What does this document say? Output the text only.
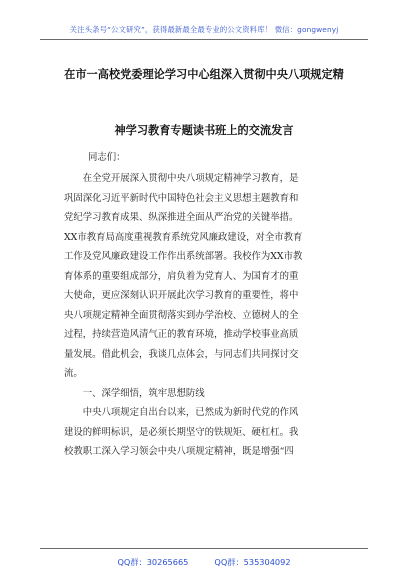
关注头条号“公文研究”，获得最新最全最专业的公文资料库！ 微信：gongwenyj
在市一高校党委理论学习中心组深入贯彻中央八项规定精
神学习教育专题读书班上的交流发言
同志们：
　　在全党开展深入贯彻中央八项规定精神学习教育，是
巩固深化习近平新时代中国特色社会主义思想主题教育和
党纪学习教育成果、纵深推进全面从严治党的关键举措。
XX市教育局高度重视教育系统党风廉政建设，对全市教育
工作及党风廉政建设工作作出系统部署。我校作为XX市教
育体系的重要组成部分，肩负着为党育人、为国育才的重
大使命，更应深刻认识开展此次学习教育的重要性，将中
央八项规定精神全面贯彻落实到办学治校、立德树人的全
过程，持续营造风清气正的教育环境，推动学校事业高质
量发展。借此机会，我谈几点体会，与同志们共同探讨交
流。
　　一、深学细悟，筑牢思想防线
　　中央八项规定自出台以来，已然成为新时代党的作风
建设的鲜明标识，是必须长期坚守的铁规矩、硬杠杠。我
校教职工深入学习领会中央八项规定精神，既是增强“四
QQ群：30265665	QQ群：535304092
